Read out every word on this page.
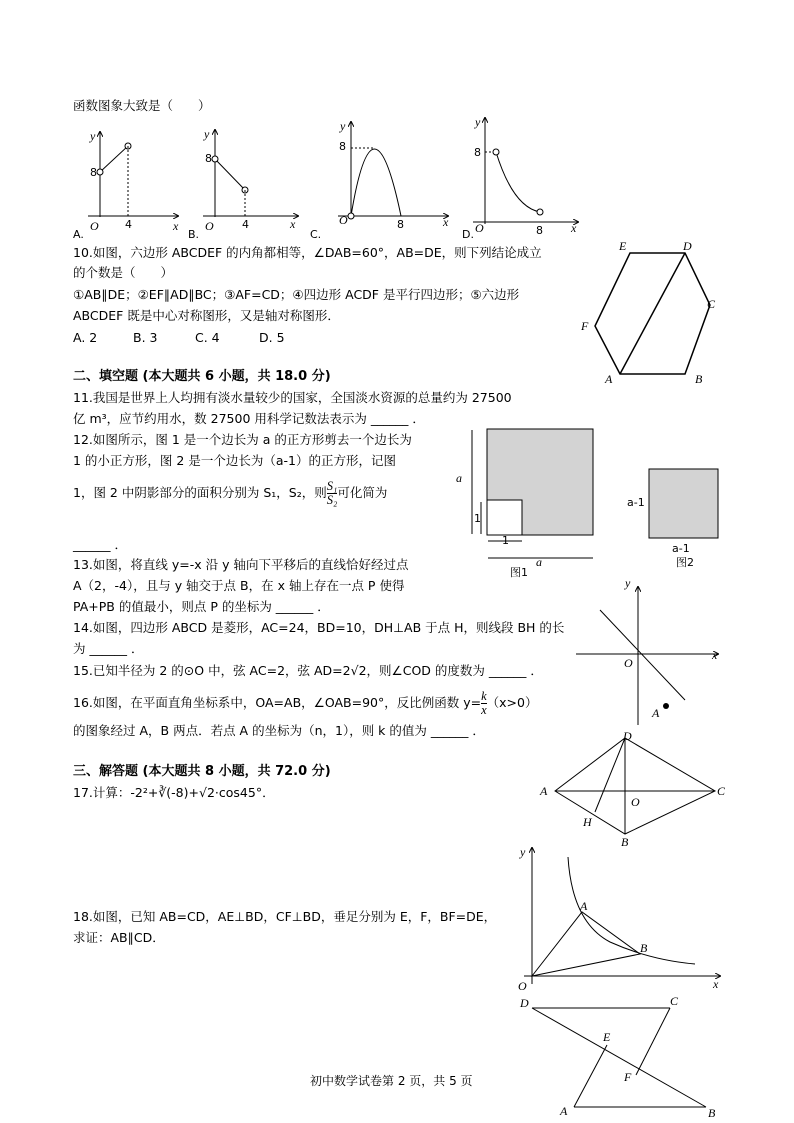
函数图象大致是（　　）
y
x
O
8
4
A.
y
x
O
8
4
B.
y
x
O
8
8
C.
y
x
O
8
8
D.
10.如图，六边形 ABCDEF 的内角都相等，∠DAB=60°，AB=DE，则下列结论成立
的个数是（　　）
①AB∥DE；②EF∥AD∥BC；③AF=CD；④四边形 ACDF 是平行四边形；⑤六边形
ABCDEF 既是中心对称图形，又是轴对称图形．
A. 2	B. 3	C. 4	D. 5
E	D
C
B
A
F
二、填空题 (本大题共 6 小题，共 18.0 分)
11.我国是世界上人均拥有淡水量较少的国家，全国淡水资源的总量约为 27500
亿 m³，应节约用水，数 27500 用科学记数法表示为 ______ ．
12.如图所示，图 1 是一个边长为 a 的正方形剪去一个边长为
1 的小正方形，图 2 是一个边长为（a-1）的正方形，记图
1，图 2 中阴影部分的面积分别为 S₁，S₂，则 $\frac{\text{S₁}}{\text{S₂}}$ 可化简为
______ ．
a
1
1
a
图1
a-1
a-1
图2
13.如图，将直线 y=-x 沿 y 轴向下平移后的直线恰好经过点
A（2，-4），且与 y 轴交于点 B，在 x 轴上存在一点 P 使得
PA+PB 的值最小，则点 P 的坐标为 ______ ．
y
x
O
A
14.如图，四边形 ABCD 是菱形，AC=24，BD=10，DH⊥AB 于点 H，则线段 BH 的长
为 ______ ．
15.已知半径为 2 的⊙O 中，弦 AC=2，弦 AD=2√2，则∠COD 的度数为 ______ ．
16.如图，在平面直角坐标系中，OA=AB，∠OAB=90°，反比例函数 $y= \frac{k}{x} (x>0)$
的图象经过 A，B 两点．若点 A 的坐标为（n，1），则 k 的值为 ______ ．	D
A
O
C
H
B
三、解答题 (本大题共 8 小题，共 72.0 分)
17.计算：-2²+∛(-8)+√2·cos45°．
18.如图，已知 AB=CD，AE⊥BD，CF⊥BD，垂足分别为 E，F，BF=DE，
求证：AB∥CD．
y
x
O
A
B
D	C
E
F
A	B
初中数学试卷第 2 页，共 5 页
